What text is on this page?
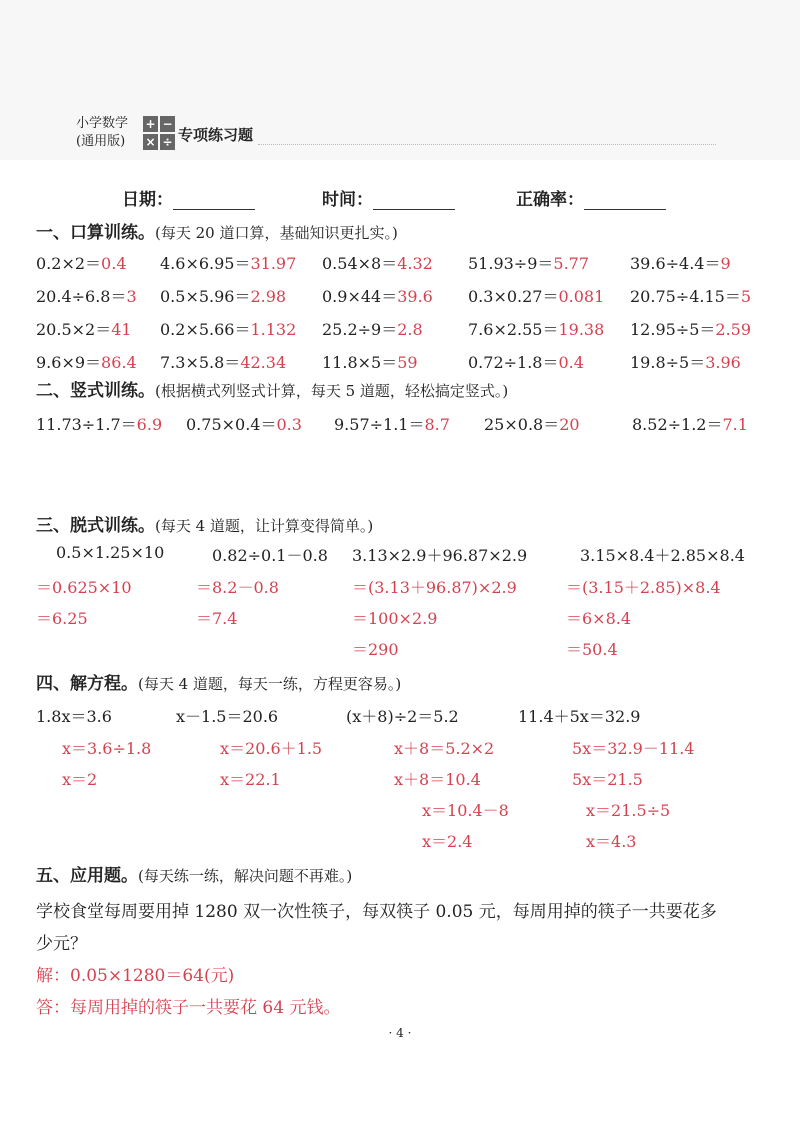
小学数学
(通用版)
+ −
× ÷ 专项练习题
日期：	时间：	正确率：
一、口算训练。(每天 20 道口算，基础知识更扎实。)
0.2×2＝0.4 4.6×6.95＝31.97 0.54×8＝4.32 51.93÷9＝5.77	39.6÷4.4＝9
20.4÷6.8＝3 0.5×5.96＝2.98 0.9×44＝39.6 0.3×0.27＝0.081 20.75÷4.15＝5
20.5×2＝41 0.2×5.66＝1.132 25.2÷9＝2.8	7.6×2.55＝19.38 12.95÷5＝2.59
9.6×9＝86.4 7.3×5.8＝42.34 11.8×5＝59	0.72÷1.8＝0.4	19.8÷5＝3.96
二、竖式训练。(根据横式列竖式计算，每天 5 道题，轻松搞定竖式。)
11.73÷1.7＝6.9 0.75×0.4＝0.3 9.57÷1.1＝8.7 25×0.8＝20	8.52÷1.2＝7.1
三、脱式训练。(每天 4 道题，让计算变得简单。)
0.5×1.25×10
＝0.625×10
＝6.25
0.82÷0.1－0.8
＝8.2－0.8
＝7.4
3.13×2.9＋96.87×2.9
＝(3.13＋96.87)×2.9
＝100×2.9
＝290
3.15×8.4＋2.85×8.4
＝(3.15＋2.85)×8.4
＝6×8.4
＝50.4
四、解方程。(每天 4 道题，每天一练，方程更容易。)
1.8x＝3.6
x＝3.6÷1.8
x＝2
x－1.5＝20.6
x＝20.6＋1.5
x＝22.1
(x＋8)÷2＝5.2
x＋8＝5.2×2
x＋8＝10.4
x＝10.4－8
x＝2.4
11.4＋5x＝32.9
5x＝32.9－11.4
5x＝21.5
x＝21.5÷5
x＝4.3
五、应用题。(每天练一练，解决问题不再难。)
学校食堂每周要用掉 1280 双一次性筷子，每双筷子 0.05 元，每周用掉的筷子一共要花多
少元？
解：0.05×1280＝64(元)
答：每周用掉的筷子一共要花 64 元钱。
· 4 ·
